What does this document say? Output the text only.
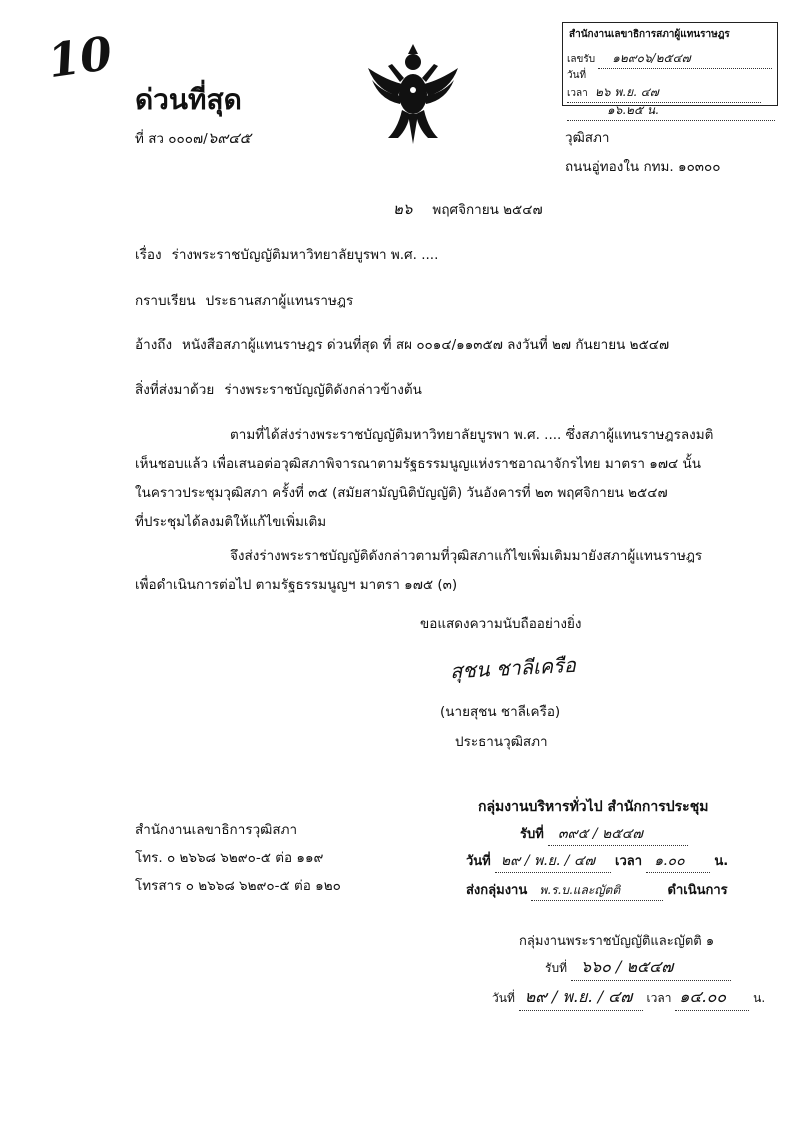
10
ด่วนที่สุด
ที่ สว ๐๐๐๗/๖๙๔๕
สำนักงานเลขาธิการสภาผู้แทนราษฎร
เลขรับ ๑๒๙๐๖/๒๕๔๗
วันที่ ๒๖ พ.ย. ๔๗
เวลา ๑๖.๒๕ น.
วุฒิสภา
ถนนอู่ทองใน กทม. ๑๐๓๐๐
๒๖ พฤศจิกายน ๒๕๔๗
เรื่อง ร่างพระราชบัญญัติมหาวิทยาลัยบูรพา พ.ศ. ....
กราบเรียน ประธานสภาผู้แทนราษฎร
อ้างถึง หนังสือสภาผู้แทนราษฎร ด่วนที่สุด ที่ สผ ๐๐๑๔/๑๑๓๕๗ ลงวันที่ ๒๗ กันยายน ๒๕๔๗
สิ่งที่ส่งมาด้วย ร่างพระราชบัญญัติดังกล่าวข้างต้น
ตามที่ได้ส่งร่างพระราชบัญญัติมหาวิทยาลัยบูรพา พ.ศ. .... ซึ่งสภาผู้แทนราษฎรลงมติ
เห็นชอบแล้ว เพื่อเสนอต่อวุฒิสภาพิจารณาตามรัฐธรรมนูญแห่งราชอาณาจักรไทย มาตรา ๑๗๔ นั้น
ในคราวประชุมวุฒิสภา ครั้งที่ ๓๕ (สมัยสามัญนิติบัญญัติ) วันอังคารที่ ๒๓ พฤศจิกายน ๒๕๔๗
ที่ประชุมได้ลงมติให้แก้ไขเพิ่มเติม
จึงส่งร่างพระราชบัญญัติดังกล่าวตามที่วุฒิสภาแก้ไขเพิ่มเติมมายังสภาผู้แทนราษฎร
เพื่อดำเนินการต่อไป ตามรัฐธรรมนูญฯ มาตรา ๑๗๕ (๓)
ขอแสดงความนับถืออย่างยิ่ง
สุชน ชาลีเครือ
(นายสุชน ชาลีเครือ)
ประธานวุฒิสภา
สำนักงานเลขาธิการวุฒิสภา
โทร. ๐ ๒๖๖๘ ๖๒๙๐-๕ ต่อ ๑๑๙
โทรสาร ๐ ๒๖๖๘ ๖๒๙๐-๕ ต่อ ๑๒๐
กลุ่มงานบริหารทั่วไป สำนักการประชุม
รับที่ ๓๙๕ / ๒๕๔๗
วันที่ ๒๙ / พ.ย. / ๔๗ เวลา ๑.๐๐ น.
ส่งกลุ่มงาน พ.ร.บ.และญัตติ	ดำเนินการ
กลุ่มงานพระราชบัญญัติและญัตติ ๑
รับที่ ๖๖๐ / ๒๕๔๗
วันที่ ๒๙ / พ.ย. / ๔๗ เวลา ๑๔.๐๐ น.
